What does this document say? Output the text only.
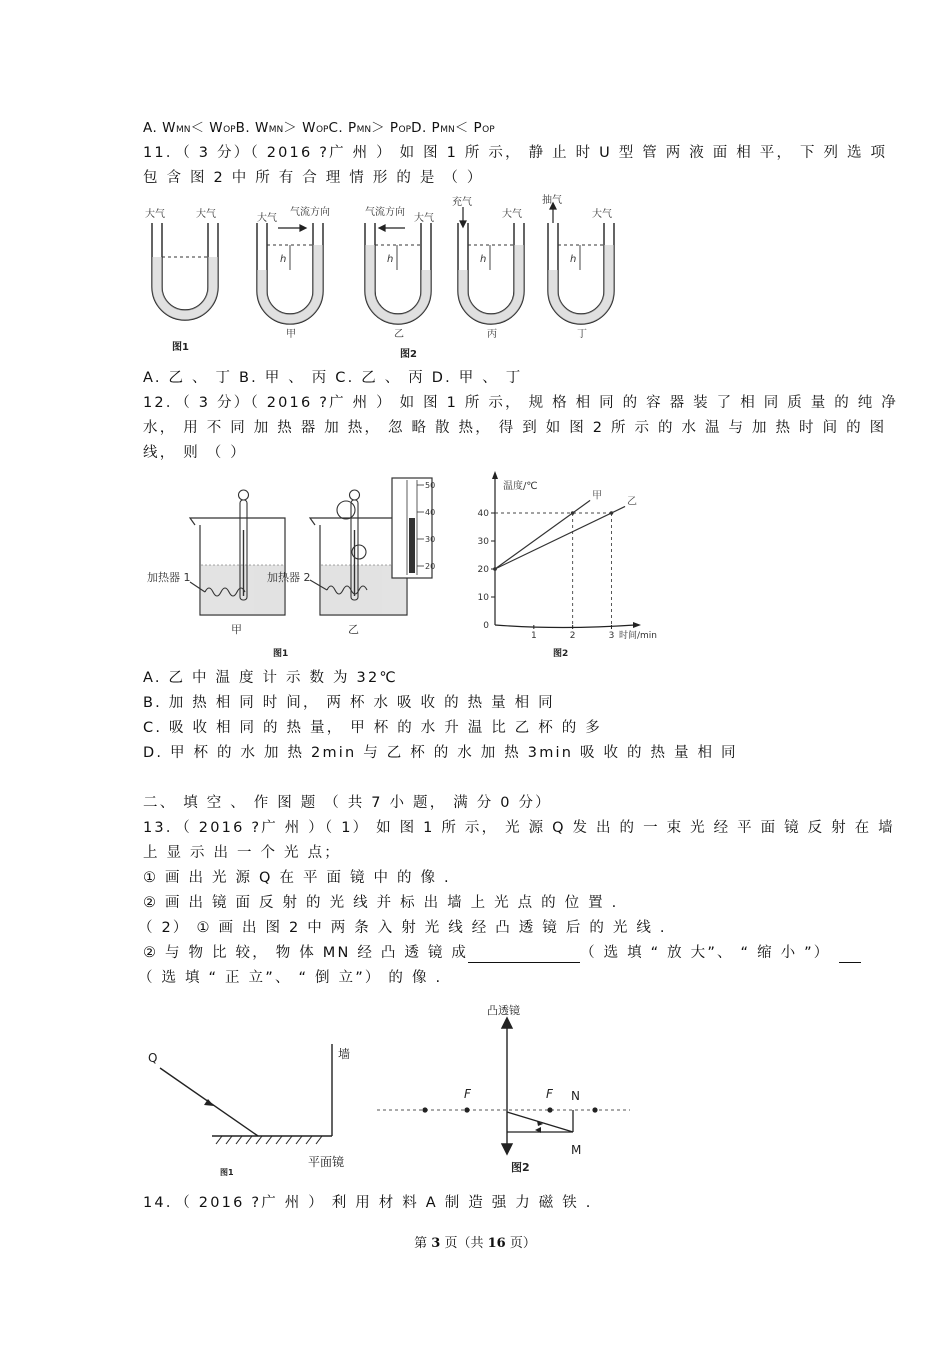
A. WMN＜ WOPB. WMN＞ WOPC. PMN＞ POPD. PMN＜ POP
11．（ 3 分）（ 2016 ?广 州 ） 如 图 1 所 示， 静 止 时 U 型 管 两 液 面 相 平， 下 列 选 项
包 含 图 2 中 所 有 合 理 情 形 的 是 （ ）
h	h	h	h
大气	大气	大气
气流方向	气流方向
大气
充气
大气
抽气
大气
甲	乙	丙	丁
图1
图2
A. 乙 、 丁 B. 甲 、 丙 C. 乙 、 丙 D. 甲 、 丁
12．（ 3 分）（ 2016 ?广 州 ） 如 图 1 所 示， 规 格 相 同 的 容 器 装 了 相 同 质 量 的 纯 净
水， 用 不 同 加 热 器 加 热， 忽 略 散 热， 得 到 如 图 2 所 示 的 水 温 与 加 热 时 间 的 图
线， 则 （ ）
50
40
30
20
加热器 1	加热器 2
甲	乙
图1
0
10
20
30
40
1	2	3
温度/℃
时间/min
甲
乙
图2
A. 乙 中 温 度 计 示 数 为 32℃
B. 加 热 相 同 时 间， 两 杯 水 吸 收 的 热 量 相 同
C. 吸 收 相 同 的 热 量， 甲 杯 的 水 升 温 比 乙 杯 的 多
D. 甲 杯 的 水 加 热 2min 与 乙 杯 的 水 加 热 3min 吸 收 的 热 量 相 同
二、 填 空 、 作 图 题 （ 共 7 小 题， 满 分 0 分）
13．（ 2016 ?广 州 ）（ 1） 如 图 1 所 示， 光 源 Q 发 出 的 一 束 光 经 平 面 镜 反 射 在 墙
上 显 示 出 一 个 光 点；
① 画 出 光 源 Q 在 平 面 镜 中 的 像 .
② 画 出 镜 面 反 射 的 光 线 并 标 出 墙 上 光 点 的 位 置 .
（ 2） ① 画 出 图 2 中 两 条 入 射 光 线 经 凸 透 镜 后 的 光 线 .
② 与 物 比 较， 物 体 MN 经 凸 透 镜 成	（ 选 填 “ 放 大”、 “ 缩 小 ”）
（ 选 填 “ 正 立”、 “ 倒 立”） 的 像 .
Q	墙
平面镜
图1
凸透镜
F	F N
M
图2
14．（ 2016 ?广 州 ） 利 用 材 料 A 制 造 强 力 磁 铁 .
第 3 页（共 16 页）
